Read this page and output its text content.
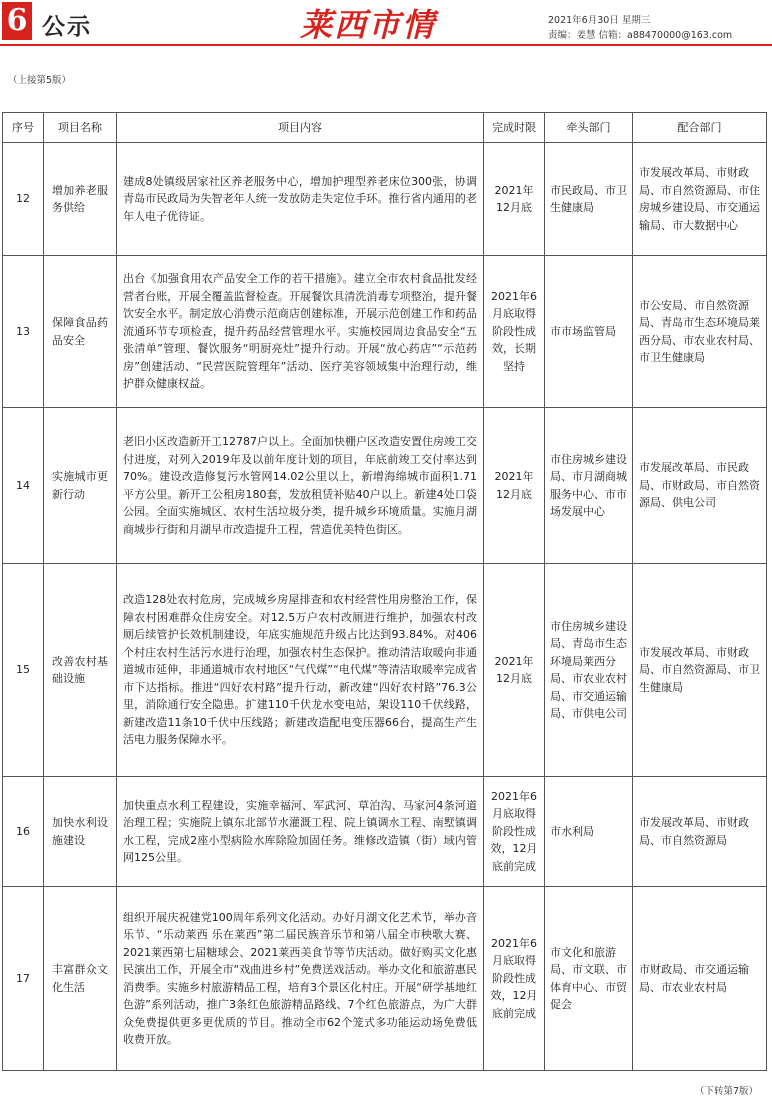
6 公示	莱西市情	2021年6月30日 星期三
责编：姜慧 信箱：a88470000@163.com
（上接第5版）
序号	项目名称	项目内容	完成时限	牵头部门	配合部门
12	增加养老服务供给	建成8处镇级居家社区养老服务中心，增加护理型养老床位300张，协调青岛市民政局为失智老年人统一发放防走失定位手环。推行省内通用的老年人电子优待证。	2021年12月底	市民政局、市卫生健康局	市发展改革局、市财政局、市自然资源局、市住房城乡建设局、市交通运输局、市大数据中心
13	保障食品药品安全	出台《加强食用农产品安全工作的若干措施》。建立全市农村食品批发经营者台账，开展全覆盖监督检查。开展餐饮具清洗消毒专项整治，提升餐饮安全水平。制定放心消费示范商店创建标准，开展示范创建工作和药品流通环节专项检查，提升药品经营管理水平。实施校园周边食品安全“五张清单”管理、餐饮服务“明厨亮灶”提升行动。开展“放心药店”“示范药房”创建活动、“民营医院管理年”活动、医疗美容领域集中治理行动，维护群众健康权益。	2021年6月底取得阶段性成效，长期坚持	市市场监管局	市公安局、市自然资源局、青岛市生态环境局莱西分局、市农业农村局、市卫生健康局
14	实施城市更新行动	老旧小区改造新开工12787户以上。全面加快棚户区改造安置住房竣工交付进度，对列入2019年及以前年度计划的项目，年底前竣工交付率达到70%。建设改造修复污水管网14.02公里以上，新增海绵城市面积1.71平方公里。新开工公租房180套，发放租赁补贴40户以上。新建4处口袋公园。全面实施城区、农村生活垃圾分类，提升城乡环境质量。实施月湖商城步行街和月湖早市改造提升工程，营造优美特色街区。	2021年12月底	市住房城乡建设局、市月湖商城服务中心、市市场发展中心	市发展改革局、市民政局、市财政局、市自然资源局、供电公司
15	改善农村基础设施	改造128处农村危房，完成城乡房屋排查和农村经营性用房整治工作，保障农村困难群众住房安全。对12.5万户农村改厕进行维护，加强农村改厕后续管护长效机制建设，年底实施规范升级占比达到93.84%。对406个村庄农村生活污水进行治理，加强农村生态保护。推动清洁取暖向非通道城市延伸，非通道城市农村地区“气代煤”“电代煤”等清洁取暖率完成省市下达指标。推进“四好农村路”提升行动，新改建“四好农村路”76.3公里，消除通行安全隐患。扩建110千伏龙水变电站，架设110千伏线路，新建改造11条10千伏中压线路；新建改造配电变压器66台，提高生产生活电力服务保障水平。	2021年12月底	市住房城乡建设局、青岛市生态环境局莱西分局、市农业农村局、市交通运输局、市供电公司	市发展改革局、市财政局、市自然资源局、市卫生健康局
16	加快水利设施建设	加快重点水利工程建设，实施幸福河、军武河、草泊沟、马家河4条河道治理工程；实施院上镇东北部节水灌溉工程、院上镇调水工程、南墅镇调水工程，完成2座小型病险水库除险加固任务。维修改造镇（街）域内管网125公里。	2021年6月底取得阶段性成效，12月底前完成	市水利局	市发展改革局、市财政局、市自然资源局
17	丰富群众文化生活	组织开展庆祝建党100周年系列文化活动。办好月湖文化艺术节，举办音乐节、“乐动莱西 乐在莱西”第二届民族音乐节和第八届全市秧歌大赛、2021莱西第七届糖球会、2021莱西美食节等节庆活动。做好购买文化惠民演出工作，开展全市“戏曲进乡村”免费送戏活动。举办文化和旅游惠民消费季。实施乡村旅游精品工程，培育3个景区化村庄。开展“研学基地红色游”系列活动，推广3条红色旅游精品路线、7个红色旅游点，为广大群众免费提供更多更优质的节目。推动全市62个笼式多功能运动场免费低收费开放。	2021年6月底取得阶段性成效，12月底前完成	市文化和旅游局、市文联、市体育中心、市贸促会	市财政局、市交通运输局、市农业农村局
（下转第7版）
